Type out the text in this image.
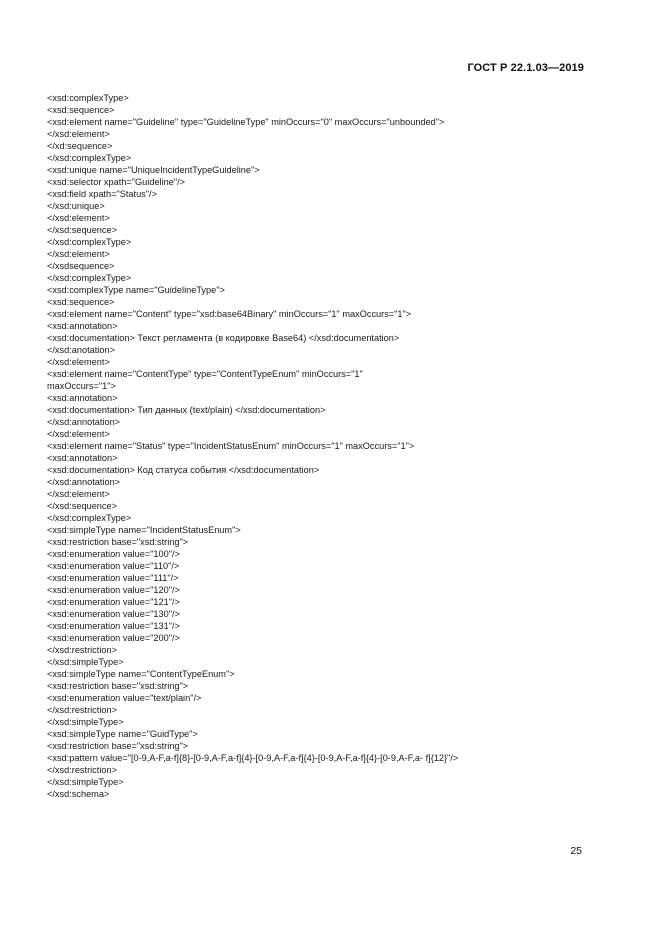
ГОСТ Р 22.1.03—2019
<xsd:complexType>
<xsd:sequence>
<xsd:element name="Guideline" type="GuidelineType" minOccurs="0" maxOccurs="unbounded">
</xsd:element>
</xd:sequence>
</xsd:complexType>
<xsd:unique name="UniqueIncidentTypeGuideline">
<xsd:selector xpath="Guideline"/>
<xsd:field xpath="Status"/>
</xsd:unique>
</xsd:element>
</xsd:sequence>
</xsd:complexType>
</xsd:element>
</xsdsequence>
</xsd:complexType>
<xsd:complexType name="GuidelineType">
<xsd:sequence>
<xsd:element name="Content" type="xsd:base64Binary" minOccurs="1" maxOccurs="1">
<xsd:annotation>
<xsd:documentation> Текст регламента (в кодировке Base64) </xsd:documentation>
</xsd:anotation>
</xsd:element>
<xsd:element name="ContentType" type="ContentTypeEnum" minOccurs="1"
maxOccurs="1">
<xsd:annotation>
<xsd:documentation> Тип данных (text/plain) </xsd:documentation>
</xsd:annotation>
</xsd:element>
<xsd:element name="Status" type="IncidentStatusEnum" minOccurs="1" maxOccurs="1">
<xsd:annotation>
<xsd:documentation> Код статуса события </xsd:documentation>
</xsd:annotation>
</xsd:element>
</xsd:sequence>
</xsd:complexType>
<xsd:simpleType name="IncidentStatusEnum">
<xsd:restriction base="xsd:string">
<xsd:enumeration value="100"/>
<xsd:enumeration value="110"/>
<xsd:enumeration value="111"/>
<xsd:enumeration value="120"/>
<xsd:enumeration value="121"/>
<xsd:enumeration value="130"/>
<xsd:enumeration value="131"/>
<xsd:enumeration value="200"/>
</xsd:restriction>
</xsd:simpleType>
<xsd:simpleType name="ContentTypeEnum">
<xsd:restriction base="xsd:string">
<xsd:enumeration value="text/plain"/>
</xsd:restriction>
</xsd:simpleType>
<xsd:simpleType name="GuidType">
<xsd:restriction base="xsd:string">
<xsd:pattern value="[0-9,A-F,a-f]{8}-[0-9,A-F,a-f]{4}-[0-9,A-F,a-f]{4}-[0-9,A-F,a-f]{4}-[0-9,A-F,a- f]{12}"/>
</xsd:restriction>
</xsd:simpleType>
</xsd:schema>
25
